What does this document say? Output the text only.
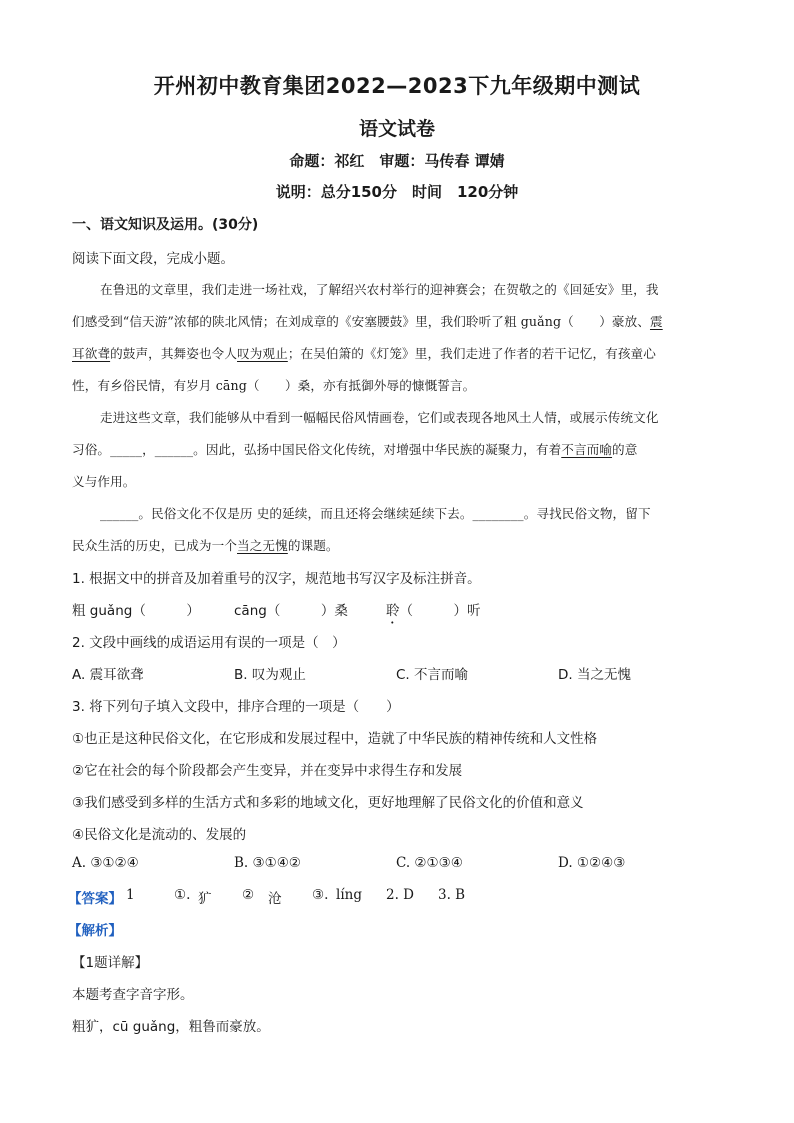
开州初中教育集团2022—2023下九年级期中测试
语文试卷
命题：祁红　审题：马传春 谭婧
说明：总分150分　时间　120分钟
一、语文知识及运用。(30分)
阅读下面文段，完成小题。
在鲁迅的文章里，我们走进一场社戏，了解绍兴农村举行的迎神赛会；在贺敬之的《回延安》里，我
们感受到“信天游”浓郁的陕北风情；在刘成章的《安塞腰鼓》里，我们聆听了粗 guǎng（　　）豪放、震
耳欲聋的鼓声，其舞姿也令人叹为观止；在吴伯箫的《灯笼》里，我们走进了作者的若干记忆，有孩童心
性，有乡俗民情，有岁月 cāng（　　）桑，亦有抵御外辱的慷慨誓言。
走进这些文章，我们能够从中看到一幅幅民俗风情画卷，它们或表现各地风土人情，或展示传统文化
习俗。_____，______。因此，弘扬中国民俗文化传统，对增强中华民族的凝聚力，有着不言而喻的意
义与作用。
______。民俗文化不仅是历 史的延续，而且还将会继续延续下去。________。寻找民俗文物，留下
民众生活的历史，已成为一个当之无愧的课题。
1. 根据文中的拼音及加着重号的汉字，规范地书写汉字及标注拼音。
粗 guǎng（　　　）	cāng（　　　）桑	聆（　　　）听
2. 文段中画线的成语运用有误的一项是（　）
A. 震耳欲聋	B. 叹为观止	C. 不言而喻	D. 当之无愧
3. 将下列句子填入文段中，排序合理的一项是（　　）
①也正是这种民俗文化，在它形成和发展过程中，造就了中华民族的精神传统和人文性格
②它在社会的每个阶段都会产生变异，并在变异中求得生存和发展
③我们感受到多样的生活方式和多彩的地域文化，更好地理解了民俗文化的价值和意义
④民俗文化是流动的、发展的
A. ③①②④	B. ③①④②	C. ②①③④	D. ①②④③
【答案】 1	①. 犷 ② 沧 ③. líng 2. D 3. B
【解析】
【1题详解】
本题考查字音字形。
粗犷，cū guǎng，粗鲁而豪放。
